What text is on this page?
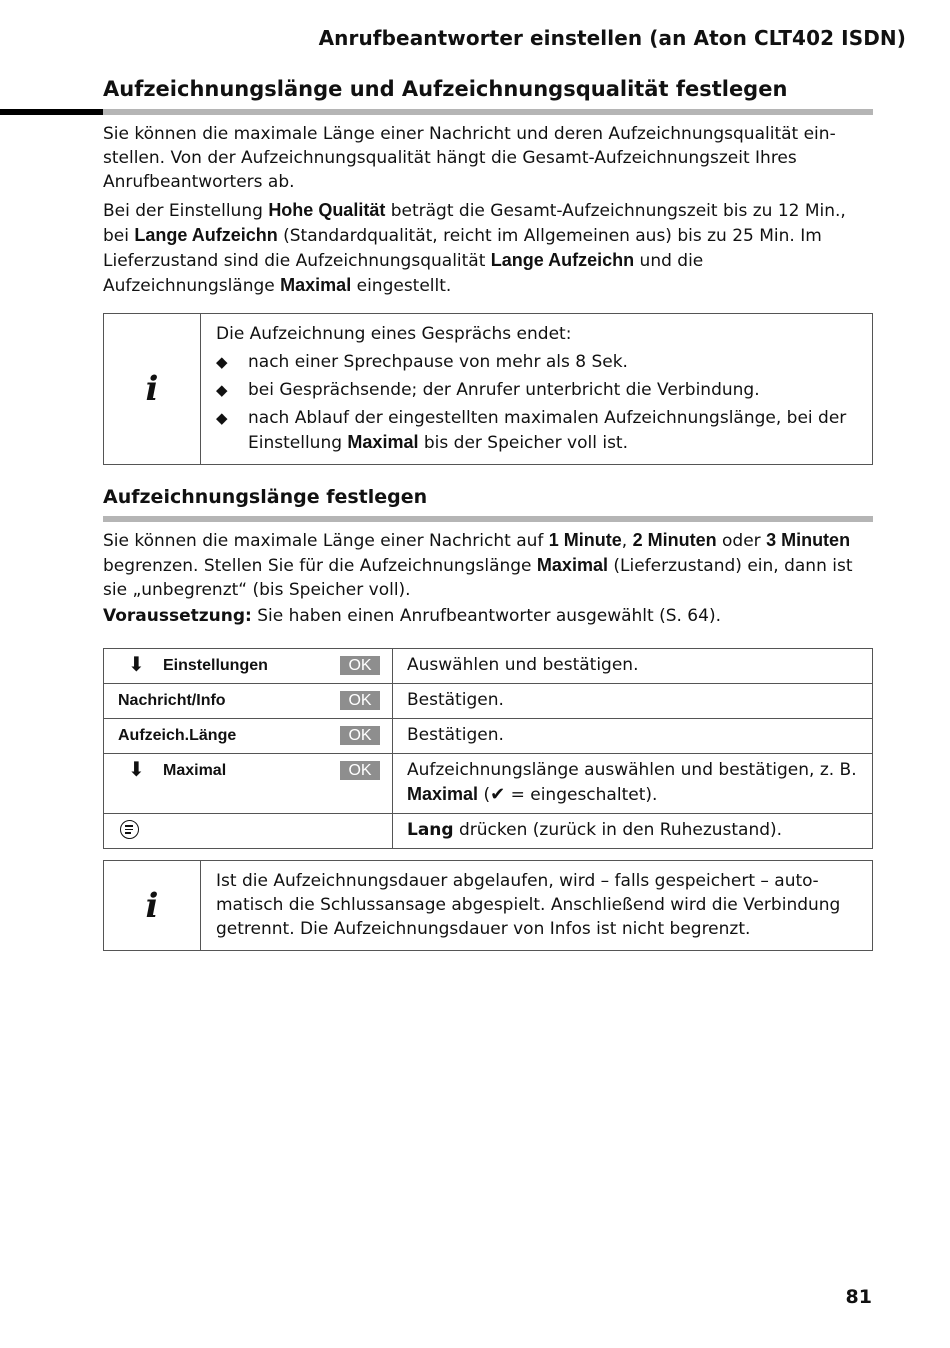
Anrufbeantworter einstellen (an Aton CLT402 ISDN)
Aufzeichnungslänge und Aufzeichnungsqualität festlegen

Sie können die maximale Länge einer Nachricht und deren Aufzeichnungsqualität einstellen. Von der Aufzeichnungsqualität hängt die Gesamt-Aufzeichnungszeit Ihres Anrufbeantworters ab.

Bei der Einstellung Hohe Qualität beträgt die Gesamt-Aufzeichnungszeit bis zu 12 Min., bei Lange Aufzeichn (Standardqualität, reicht im Allgemeinen aus) bis zu 25 Min. Im Lieferzustand sind die Aufzeichnungsqualität Lange Aufzeichn und die Aufzeichnungslänge Maximal eingestellt.

i
Die Aufzeichnung eines Gesprächs endet:
◆ nach einer Sprechpause von mehr als 8 Sek.
◆ bei Gesprächsende; der Anrufer unterbricht die Verbindung.
◆ nach Ablauf der eingestellten maximalen Aufzeichnungslänge, bei der Einstellung Maximal bis der Speicher voll ist.
Aufzeichnungslänge festlegen

Sie können die maximale Länge einer Nachricht auf 1 Minute, 2 Minuten oder 3 Minuten begrenzen. Stellen Sie für die Aufzeichnungslänge Maximal (Lieferzustand) ein, dann ist sie „unbegrenzt“ (bis Speicher voll).

Voraussetzung: Sie haben einen Anrufbeantworter ausgewählt (S. 64).

⬇ Einstellungen OK	Auswählen und bestätigen.

Nachricht/Info OK	Bestätigen.

Aufzeich.Länge OK	Bestätigen.

⬇ Maximal OK	Aufzeichnungslänge auswählen und bestätigen, z. B. Maximal (✔ = eingeschaltet).

	Lang drücken (zurück in den Ruhezustand).
i
Ist die Aufzeichnungsdauer abgelaufen, wird – falls gespeichert – automatisch die Schlussansage abgespielt. Anschließend wird die Verbindung getrennt. Die Aufzeichnungsdauer von Infos ist nicht begrenzt.
81
